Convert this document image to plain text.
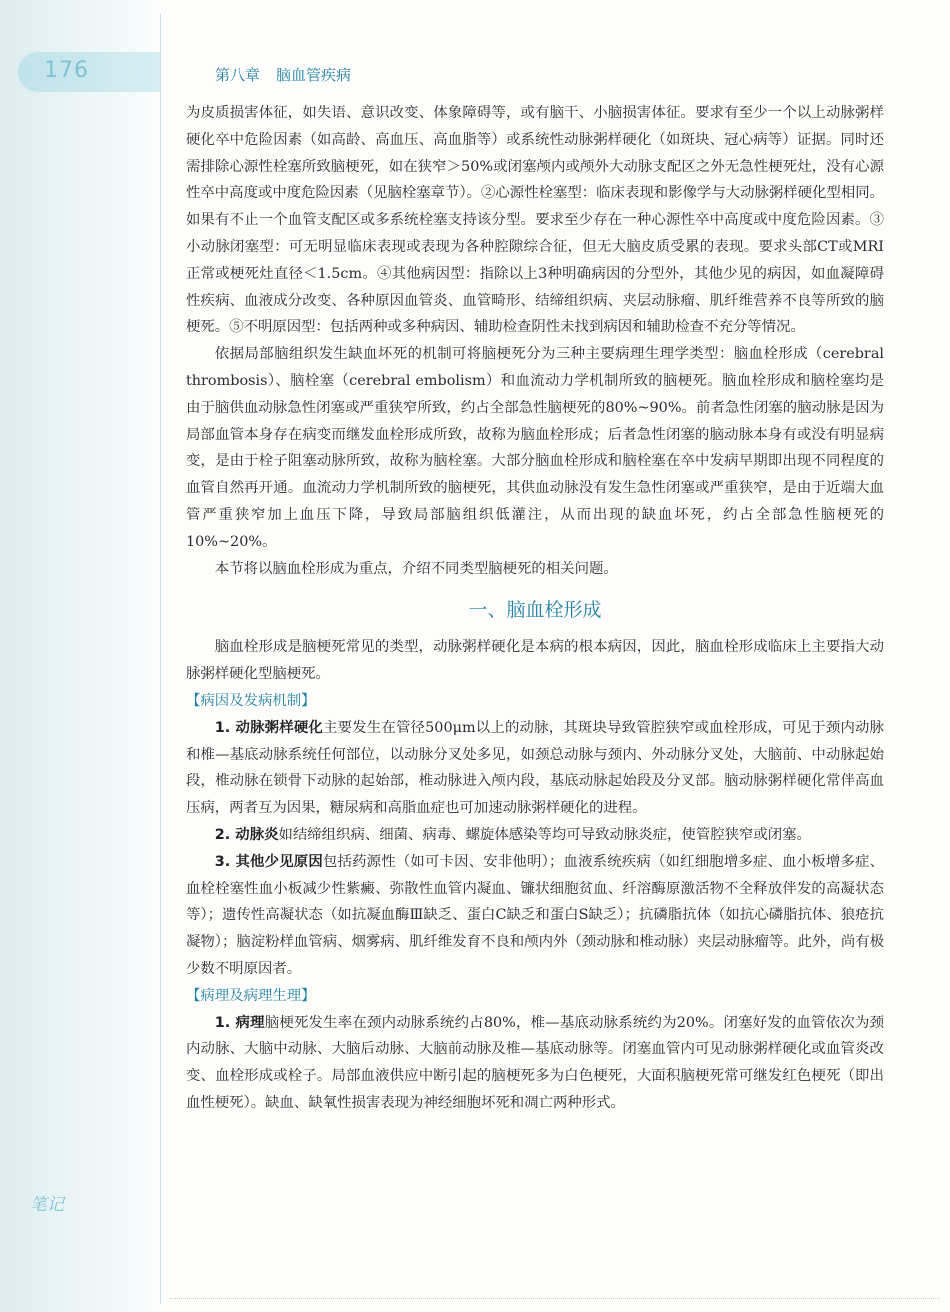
176	第八章 脑血管疾病
笔记

为皮质损害体征，如失语、意识改变、体象障碍等，或有脑干、小脑损害体征。要求有至少一个以上动脉粥样硬化卒中危险因素（如高龄、高血压、高血脂等）或系统性动脉粥样硬化（如斑块、冠心病等）证据。同时还需排除心源性栓塞所致脑梗死，如在狭窄＞50%或闭塞颅内或颅外大动脉支配区之外无急性梗死灶，没有心源性卒中高度或中度危险因素（见脑栓塞章节）。②心源性栓塞型：临床表现和影像学与大动脉粥样硬化型相同。如果有不止一个血管支配区或多系统栓塞支持该分型。要求至少存在一种心源性卒中高度或中度危险因素。③小动脉闭塞型：可无明显临床表现或表现为各种腔隙综合征，但无大脑皮质受累的表现。要求头部CT或MRI正常或梗死灶直径＜1.5cm。④其他病因型：指除以上3种明确病因的分型外，其他少见的病因，如血凝障碍性疾病、血液成分改变、各种原因血管炎、血管畸形、结缔组织病、夹层动脉瘤、肌纤维营养不良等所致的脑梗死。⑤不明原因型：包括两种或多种病因、辅助检查阴性未找到病因和辅助检查不充分等情况。

依据局部脑组织发生缺血坏死的机制可将脑梗死分为三种主要病理生理学类型：脑血栓形成（cerebral thrombosis）、脑栓塞（cerebral embolism）和血流动力学机制所致的脑梗死。脑血栓形成和脑栓塞均是由于脑供血动脉急性闭塞或严重狭窄所致，约占全部急性脑梗死的80%~90%。前者急性闭塞的脑动脉是因为局部血管本身存在病变而继发血栓形成所致，故称为脑血栓形成；后者急性闭塞的脑动脉本身有或没有明显病变，是由于栓子阻塞动脉所致，故称为脑栓塞。大部分脑血栓形成和脑栓塞在卒中发病早期即出现不同程度的血管自然再开通。血流动力学机制所致的脑梗死，其供血动脉没有发生急性闭塞或严重狭窄，是由于近端大血管严重狭窄加上血压下降，导致局部脑组织低灌注，从而出现的缺血坏死，约占全部急性脑梗死的10%~20%。

本节将以脑血栓形成为重点，介绍不同类型脑梗死的相关问题。

一、脑血栓形成

脑血栓形成是脑梗死常见的类型，动脉粥样硬化是本病的根本病因，因此，脑血栓形成临床上主要指大动脉粥样硬化型脑梗死。

【病因及发病机制】

1. 动脉粥样硬化主要发生在管径500μm以上的动脉，其斑块导致管腔狭窄或血栓形成，可见于颈内动脉和椎—基底动脉系统任何部位，以动脉分叉处多见，如颈总动脉与颈内、外动脉分叉处，大脑前、中动脉起始段，椎动脉在锁骨下动脉的起始部，椎动脉进入颅内段，基底动脉起始段及分叉部。脑动脉粥样硬化常伴高血压病，两者互为因果，糖尿病和高脂血症也可加速动脉粥样硬化的进程。

2. 动脉炎如结缔组织病、细菌、病毒、螺旋体感染等均可导致动脉炎症，使管腔狭窄或闭塞。

3. 其他少见原因包括药源性（如可卡因、安非他明）；血液系统疾病（如红细胞增多症、血小板增多症、血栓栓塞性血小板减少性紫癜、弥散性血管内凝血、镰状细胞贫血、纤溶酶原激活物不全释放伴发的高凝状态等）；遗传性高凝状态（如抗凝血酶Ⅲ缺乏、蛋白C缺乏和蛋白S缺乏）；抗磷脂抗体（如抗心磷脂抗体、狼疮抗凝物）；脑淀粉样血管病、烟雾病、肌纤维发育不良和颅内外（颈动脉和椎动脉）夹层动脉瘤等。此外，尚有极少数不明原因者。

【病理及病理生理】

1. 病理脑梗死发生率在颈内动脉系统约占80%，椎—基底动脉系统约为20%。闭塞好发的血管依次为颈内动脉、大脑中动脉、大脑后动脉、大脑前动脉及椎—基底动脉等。闭塞血管内可见动脉粥样硬化或血管炎改变、血栓形成或栓子。局部血液供应中断引起的脑梗死多为白色梗死，大面积脑梗死常可继发红色梗死（即出血性梗死）。缺血、缺氧性损害表现为神经细胞坏死和凋亡两种形式。
